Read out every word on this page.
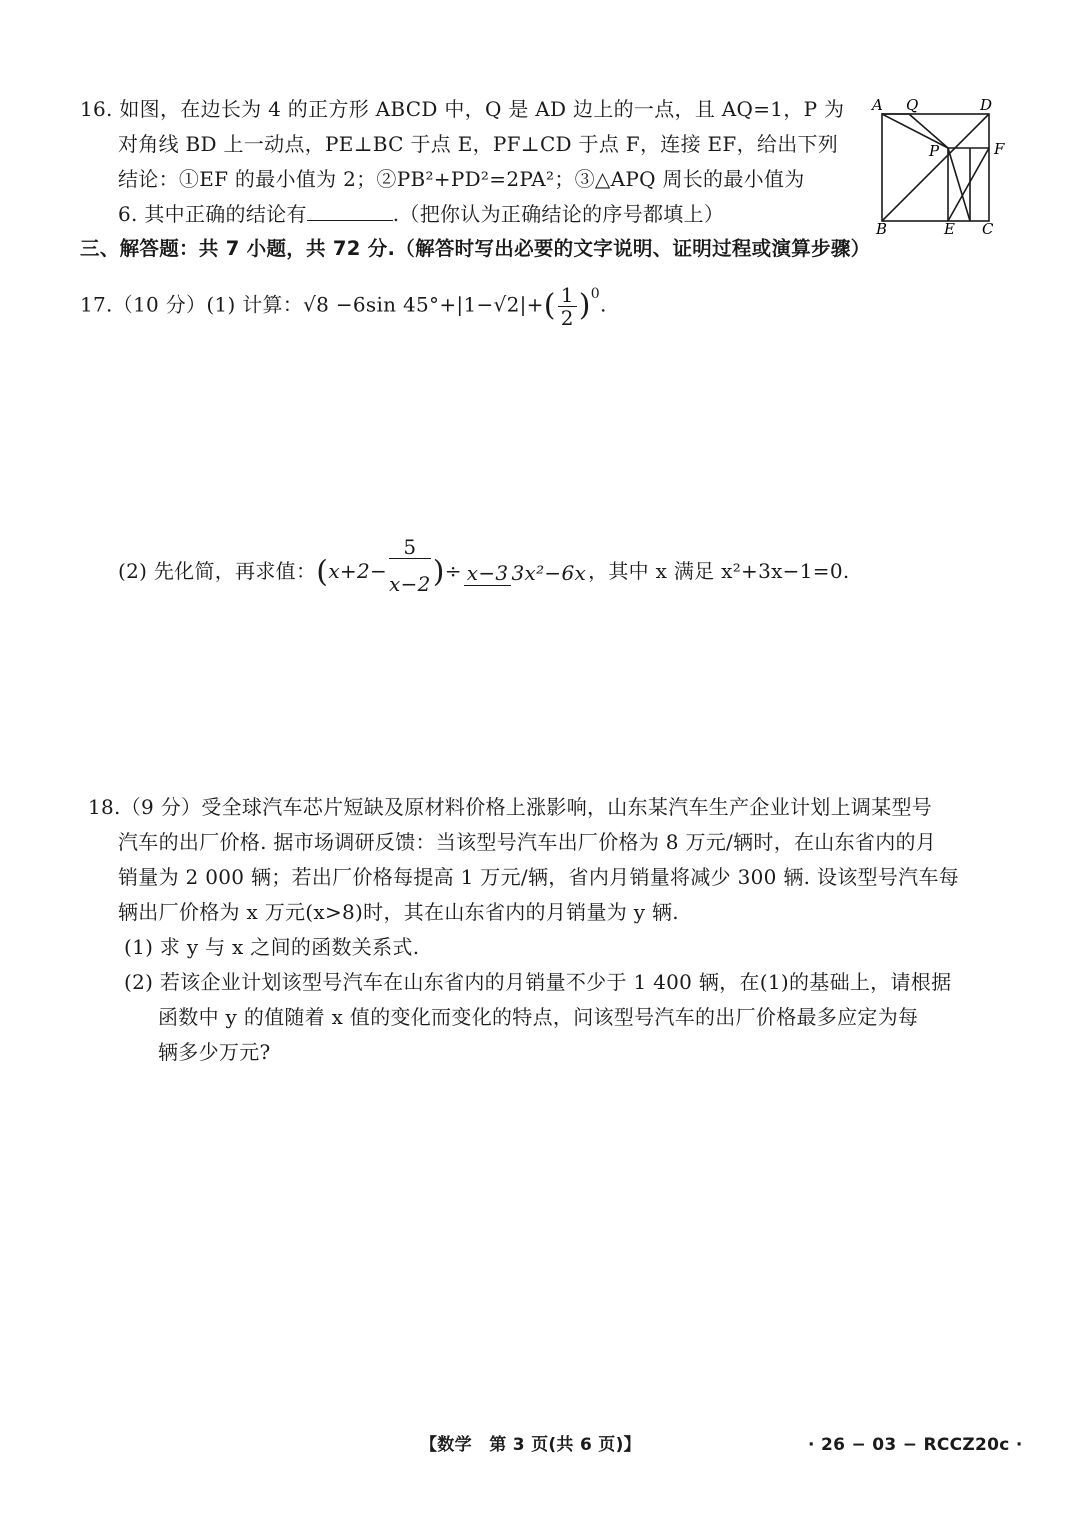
16. 如图，在边长为 4 的正方形 ABCD 中，Q 是 AD 边上的一点，且 AQ=1，P 为
对角线 BD 上一动点，PE⊥BC 于点 E，PF⊥CD 于点 F，连接 EF，给出下列
结论：①EF 的最小值为 2；②PB²+PD²=2PA²；③△APQ 周长的最小值为
6. 其中正确的结论有	.（把你认为正确结论的序号都填上）
A Q	D
P	F
B	E C
三、解答题：共 7 小题，共 72 分.（解答时写出必要的文字说明、证明过程或演算步骤）
17.（10 分）(1) 计算：√8 −6sin $45^\circ+|1-√2|+( \frac{1}{2} )^0$.
(2) 先化简，再求值：$(x+2- \frac{5}{x-2})\div x-3$ 3x²−6x ，其中 x 满足 x²+3x−1=0.
18.（9 分）受全球汽车芯片短缺及原材料价格上涨影响，山东某汽车生产企业计划上调某型号
汽车的出厂价格. 据市场调研反馈：当该型号汽车出厂价格为 8 万元/辆时，在山东省内的月
销量为 2 000 辆；若出厂价格每提高 1 万元/辆，省内月销量将减少 300 辆. 设该型号汽车每
辆出厂价格为 x 万元(x>8)时，其在山东省内的月销量为 y 辆.
(1) 求 y 与 x 之间的函数关系式.
(2) 若该企业计划该型号汽车在山东省内的月销量不少于 1 400 辆，在(1)的基础上，请根据
函数中 y 的值随着 x 值的变化而变化的特点，问该型号汽车的出厂价格最多应定为每
辆多少万元?
【数学　第 3 页(共 6 页)】	· 26 − 03 − RCCZ20c ·
